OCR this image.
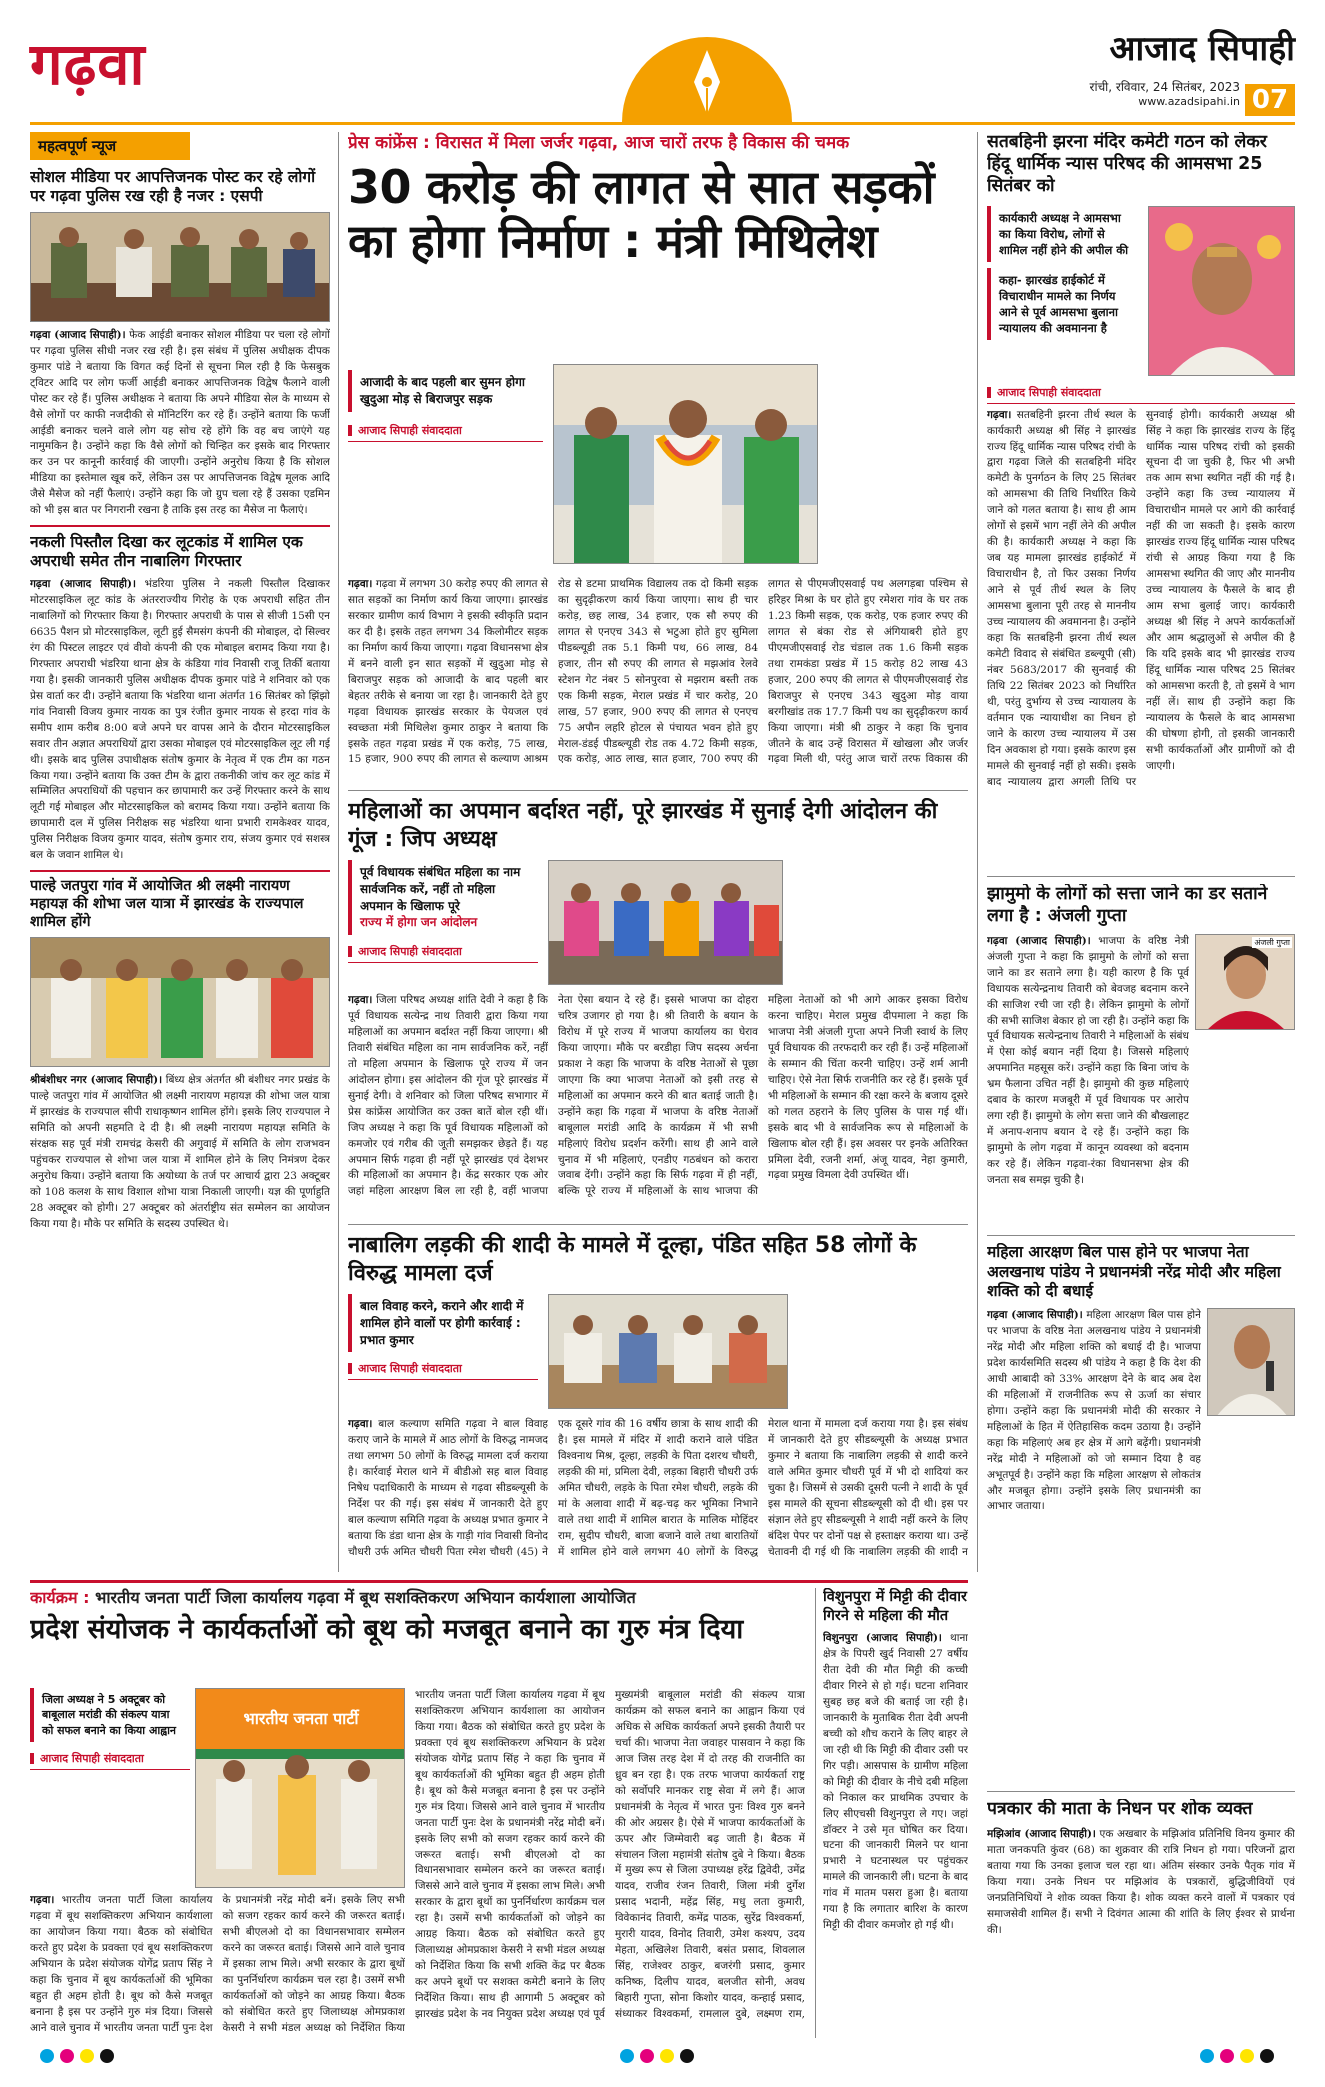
गढ़वा	आजाद सिपाही
रांची, रविवार, 24 सितंबर, 2023
www.azadsipahi.in 07
महत्वपूर्ण न्यूज
सोशल मीडिया पर आपत्तिजनक पोस्ट कर रहे लोगों पर गढ़वा पुलिस रख रही है नजर : एसपी

गढ़वा (आजाद सिपाही)। फेक आईडी बनाकर सोशल मीडिया पर चला रहे लोगों पर गढ़वा पुलिस सीधी नजर रख रही है। इस संबंध में पुलिस अधीक्षक दीपक कुमार पांडे ने बताया कि विगत कई दिनों से सूचना मिल रही है कि फेसबुक ट्विटर आदि पर लोग फर्जी आईडी बनाकर आपत्तिजनक विद्वेष फैलाने वाली पोस्ट कर रहे हैं। पुलिस अधीक्षक ने बताया कि अपने मीडिया सेल के माध्यम से वैसे लोगों पर काफी नजदीकी से मॉनिटरिंग कर रहे हैं। उन्होंने बताया कि फर्जी आईडी बनाकर चलने वाले लोग यह सोच रहे होंगे कि वह बच जाएंगे यह नामुमकिन है। उन्होंने कहा कि वैसे लोगों को चिन्हित कर इसके बाद गिरफ्तार कर उन पर कानूनी कार्रवाई की जाएगी। उन्होंने अनुरोध किया है कि सोशल मीडिया का इस्तेमाल खूब करें, लेकिन उस पर आपत्तिजनक विद्वेष मूलक आदि जैसे मैसेज को नहीं फैलाएं। उन्होंने कहा कि जो ग्रुप चला रहे हैं उसका एडमिन को भी इस बात पर निगरानी रखना है ताकि इस तरह का मैसेज ना फैलाएं।

नकली पिस्तौल दिखा कर लूटकांड में शामिल एक अपराधी समेत तीन नाबालिग गिरफ्तार

गढ़वा (आजाद सिपाही)। भंडरिया पुलिस ने नकली पिस्तौल दिखाकर मोटरसाइकिल लूट कांड के अंतरराज्यीय गिरोह के एक अपराधी सहित तीन नाबालिगों को गिरफ्तार किया है। गिरफ्तार अपराधी के पास से सीजी 15सी एन 6635 पैशन प्रो मोटरसाइकिल, लूटी हुई सैमसंग कंपनी की मोबाइल, दो सिल्वर रंग की पिस्टल लाइटर एवं वीवो कंपनी की एक मोबाइल बरामद किया गया है। गिरफ्तार अपराधी भंडरिया थाना क्षेत्र के कंडिया गांव निवासी राजू तिर्की बताया गया है। इसकी जानकारी पुलिस अधीक्षक दीपक कुमार पांडे ने शनिवार को एक प्रेस वार्ता कर दी। उन्होंने बताया कि भंडरिया थाना अंतर्गत 16 सितंबर को झिंझो गांव निवासी विजय कुमार नायक का पुत्र रंजीत कुमार नायक से हरदा गांव के समीप शाम करीब 8:00 बजे अपने घर वापस आने के दौरान मोटरसाइकिल सवार तीन अज्ञात अपराधियों द्वारा उसका मोबाइल एवं मोटरसाइकिल लूट ली गई थी। इसके बाद पुलिस उपाधीक्षक संतोष कुमार के नेतृत्व में एक टीम का गठन किया गया। उन्होंने बताया कि उक्त टीम के द्वारा तकनीकी जांच कर लूट कांड में सम्मिलित अपराधियों की पहचान कर छापामारी कर उन्हें गिरफ्तार करने के साथ लूटी गई मोबाइल और मोटरसाइकिल को बरामद किया गया। उन्होंने बताया कि छापामारी दल में पुलिस निरीक्षक सह भंडरिया थाना प्रभारी रामकेश्वर यादव, पुलिस निरीक्षक विजय कुमार यादव, संतोष कुमार राय, संजय कुमार एवं सशस्त्र बल के जवान शामिल थे।

पाल्हे जतपुरा गांव में आयोजित श्री लक्ष्मी नारायण महायज्ञ की शोभा जल यात्रा में झारखंड के राज्यपाल शामिल होंगे

श्रीबंशीधर नगर (आजाद सिपाही)। बिंध्य क्षेत्र अंतर्गत श्री बंशीधर नगर प्रखंड के पाल्हे जतपुरा गांव में आयोजित श्री लक्ष्मी नारायण महायज्ञ की शोभा जल यात्रा में झारखंड के राज्यपाल सीपी राधाकृष्णन शामिल होंगे। इसके लिए राज्यपाल ने समिति को अपनी सहमति दे दी है। श्री लक्ष्मी नारायण महायज्ञ समिति के संरक्षक सह पूर्व मंत्री रामचंद्र केसरी की अगुवाई में समिति के लोग राजभवन पहुंचकर राज्यपाल से शोभा जल यात्रा में शामिल होने के लिए निमंत्रण देकर अनुरोध किया। उन्होंने बताया कि अयोध्या के तर्ज पर आचार्य द्वारा 23 अक्टूबर को 108 कलश के साथ विशाल शोभा यात्रा निकाली जाएगी। यज्ञ की पूर्णाहुति 28 अक्टूबर को होगी। 27 अक्टूबर को अंतर्राष्ट्रीय संत सम्मेलन का आयोजन किया गया है। मौके पर समिति के सदस्य उपस्थित थे।

प्रेस कांफ्रेंस : विरासत में मिला जर्जर गढ़वा, आज चारों तरफ है विकास की चमक
30 करोड़ की लागत से सात सड़कों का होगा निर्माण : मंत्री मिथिलेश
आजादी के बाद पहली बार सुमन होगा खुदुआ मोड़ से बिराजपुर सड़क
आजाद सिपाही संवाददाता

गढ़वा। गढ़वा में लगभग 30 करोड़ रुपए की लागत से सात सड़कों का निर्माण कार्य किया जाएगा। झारखंड सरकार ग्रामीण कार्य विभाग ने इसकी स्वीकृति प्रदान कर दी है। इसके तहत लगभग 34 किलोमीटर सड़क का निर्माण कार्य किया जाएगा। गढ़वा विधानसभा क्षेत्र में बनने वाली इन सात सड़कों में खुदुआ मोड़ से बिराजपुर सड़क को आजादी के बाद पहली बार बेहतर तरीके से बनाया जा रहा है। जानकारी देते हुए गढ़वा विधायक झारखंड सरकार के पेयजल एवं स्वच्छता मंत्री मिथिलेश कुमार ठाकुर ने बताया कि इसके तहत गढ़वा प्रखंड में एक करोड़, 75 लाख, 15 हजार, 900 रुपए की लागत से कल्याण आश्रम रोड से डटमा प्राथमिक विद्यालय तक दो किमी सड़क का सुदृढ़ीकरण कार्य किया जाएगा। साथ ही चार करोड़, छह लाख, 34 हजार, एक सौ रुपए की लागत से एनएच 343 से भटुआ होते हुए सुमिला पीडब्ल्यूडी तक 5.1 किमी पथ, 66 लाख, 84 हजार, तीन सौ रुपए की लागत से मझआंव रेलवे स्टेशन गेट नंबर 5 सोनपुरवा से मझराम बस्ती तक एक किमी सड़क, मेराल प्रखंड में चार करोड़, 20 लाख, 57 हजार, 900 रुपए की लागत से एनएच 75 अपौन लहरि होटल से पंचायत भवन होते हुए मेराल-डंडई पीडब्ल्यूडी रोड तक 4.72 किमी सड़क, एक करोड़, आठ लाख, सात हजार, 700 रुपए की लागत से पीएमजीएसवाई पथ अलगड़बा पश्चिम से हरिहर मिश्रा के घर होते हुए रमेशरा गांव के घर तक 1.23 किमी सड़क, एक करोड़, एक हजार रुपए की लागत से बंका रोड से अंगियाबरी होते हुए पीएमजीएसवाई रोड चंडाल तक 1.6 किमी सड़क तथा रामकंडा प्रखंड में 15 करोड़ 82 लाख 43 हजार, 200 रुपए की लागत से पीएमजीएसवाई रोड बिराजपुर से एनएच 343 खुदुआ मोड़ वाया बरगीखांड तक 17.7 किमी पथ का सुदृढ़ीकरण कार्य किया जाएगा। मंत्री श्री ठाकुर ने कहा कि चुनाव जीतने के बाद उन्हें विरासत में खोखला और जर्जर गढ़वा मिली थी, परंतु आज चारों तरफ विकास की

महिलाओं का अपमान बर्दाश्त नहीं, पूरे झारखंड में सुनाई देगी आंदोलन की गूंज : जिप अध्यक्ष
पूर्व विधायक संबंधित महिला का नाम सार्वजनिक करें, नहीं तो महिला अपमान के खिलाफ पूरे
राज्य में होगा जन आंदोलन
आजाद सिपाही संवाददाता

गढ़वा। जिला परिषद अध्यक्ष शांति देवी ने कहा है कि पूर्व विधायक सत्येन्द्र नाथ तिवारी द्वारा किया गया महिलाओं का अपमान बर्दाश्त नहीं किया जाएगा। श्री तिवारी संबंधित महिला का नाम सार्वजनिक करें, नहीं तो महिला अपमान के खिलाफ पूरे राज्य में जन आंदोलन होगा। इस आंदोलन की गूंज पूरे झारखंड में सुनाई देगी। वे शनिवार को जिला परिषद सभागार में प्रेस कांफ्रेंस आयोजित कर उक्त बातें बोल रही थीं। जिप अध्यक्ष ने कहा कि पूर्व विधायक महिलाओं को कमजोर एवं गरीब की जूती समझकर छेड़ते हैं। यह अपमान सिर्फ गढ़वा ही नहीं पूरे झारखंड एवं देशभर की महिलाओं का अपमान है। केंद्र सरकार एक ओर जहां महिला आरक्षण बिल ला रही है, वहीं भाजपा नेता ऐसा बयान दे रहे हैं। इससे भाजपा का दोहरा चरित्र उजागर हो गया है। श्री तिवारी के बयान के विरोध में पूरे राज्य में भाजपा कार्यालय का घेराव किया जाएगा। मौके पर बरडीहा जिप सदस्य अर्चना प्रकाश ने कहा कि भाजपा के वरिष्ठ नेताओं से पूछा जाएगा कि क्या भाजपा नेताओं को इसी तरह से महिलाओं का अपमान करने की बात बताई जाती है। उन्होंने कहा कि गढ़वा में भाजपा के वरिष्ठ नेताओं बाबूलाल मरांडी आदि के कार्यक्रम में भी सभी महिलाएं विरोध प्रदर्शन करेंगी। साथ ही आने वाले चुनाव में भी महिलाएं, एनडीए गठबंधन को करारा जवाब देंगी। उन्होंने कहा कि सिर्फ गढ़वा में ही नहीं, बल्कि पूरे राज्य में महिलाओं के साथ भाजपा की महिला नेताओं को भी आगे आकर इसका विरोध करना चाहिए। मेराल प्रमुख दीपमाला ने कहा कि भाजपा नेत्री अंजली गुप्ता अपने निजी स्वार्थ के लिए पूर्व विधायक की तरफदारी कर रही हैं। उन्हें महिलाओं के सम्मान की चिंता करनी चाहिए। उन्हें शर्म आनी चाहिए। ऐसे नेता सिर्फ राजनीति कर रहे हैं। इसके पूर्व भी महिलाओं के सम्मान की रक्षा करने के बजाय दूसरे को गलत ठहराने के लिए पुलिस के पास गई थीं। इसके बाद भी वे सार्वजनिक रूप से महिलाओं के खिलाफ बोल रही हैं। इस अवसर पर इनके अतिरिक्त प्रमिला देवी, रजनी शर्मा, अंजू यादव, नेहा कुमारी, गढ़वा प्रमुख विमला देवी उपस्थित थीं।

नाबालिग लड़की की शादी के मामले में दूल्हा, पंडित सहित 58 लोगों के विरुद्ध मामला दर्ज
बाल विवाह करने, कराने और शादी में शामिल होने वालों पर होगी कार्रवाई : प्रभात कुमार
आजाद सिपाही संवाददाता

गढ़वा। बाल कल्याण समिति गढ़वा ने बाल विवाह कराए जाने के मामले में आठ लोगों के विरुद्ध नामजद तथा लगभग 50 लोगों के विरुद्ध मामला दर्ज कराया है। कार्रवाई मेराल थाने में बीडीओ सह बाल विवाह निषेध पदाधिकारी के माध्यम से गढ़वा सीडब्ल्यूसी के निर्देश पर की गई। इस संबंध में जानकारी देते हुए बाल कल्याण समिति गढ़वा के अध्यक्ष प्रभात कुमार ने बताया कि डंडा थाना क्षेत्र के गाड़ी गांव निवासी विनोद चौधरी उर्फ अमित चौधरी पिता रमेश चौधरी (45) ने एक दूसरे गांव की 16 वर्षीय छात्रा के साथ शादी की है। इस मामले में मंदिर में शादी कराने वाले पंडित विश्वनाथ मिश्र, दूल्हा, लड़की के पिता दशरथ चौधरी, लड़की की मां, प्रमिला देवी, लड़का बिहारी चौधरी उर्फ अमित चौधरी, लड़के के पिता रमेश चौधरी, लड़के की मां के अलावा शादी में बढ़-चढ़ कर भूमिका निभाने वाले तथा शादी में शामिल बारात के मालिक मोहिंदर राम, सुदीप चौधरी, बाजा बजाने वाले तथा बारातियों में शामिल होने वाले लगभग 40 लोगों के विरुद्ध मेराल थाना में मामला दर्ज कराया गया है। इस संबंध में जानकारी देते हुए सीडब्ल्यूसी के अध्यक्ष प्रभात कुमार ने बताया कि नाबालिग लड़की से शादी करने वाले अमित कुमार चौधरी पूर्व में भी दो शादियां कर चुका है। जिसमें से उसकी दूसरी पत्नी ने शादी के पूर्व इस मामले की सूचना सीडब्ल्यूसी को दी थी। इस पर संज्ञान लेते हुए सीडब्ल्यूसी ने शादी नहीं करने के लिए बंदिश पेपर पर दोनों पक्ष से हस्ताक्षर कराया था। उन्हें चेतावनी दी गई थी कि नाबालिग लड़की की शादी न

सतबहिनी झरना मंदिर कमेटी गठन को लेकर हिंदू धार्मिक न्यास परिषद की आमसभा 25 सितंबर को
कार्यकारी अध्यक्ष ने आमसभा का किया विरोध, लोगों से शामिल नहीं होने की अपील की
कहा- झारखंड हाईकोर्ट में विचाराधीन मामले का निर्णय आने से पूर्व आमसभा बुलाना न्यायालय की अवमानना है
आजाद सिपाही संवाददाता

गढ़वा। सतबहिनी झरना तीर्थ स्थल के कार्यकारी अध्यक्ष श्री सिंह ने झारखंड राज्य हिंदू धार्मिक न्यास परिषद रांची के द्वारा गढ़वा जिले की सतबहिनी मंदिर कमेटी के पुनर्गठन के लिए 25 सितंबर को आमसभा की तिथि निर्धारित किये जाने को गलत बताया है। साथ ही आम लोगों से इसमें भाग नहीं लेने की अपील की है। कार्यकारी अध्यक्ष ने कहा कि जब यह मामला झारखंड हाईकोर्ट में विचाराधीन है, तो फिर उसका निर्णय आने से पूर्व तीर्थ स्थल के लिए आमसभा बुलाना पूरी तरह से माननीय उच्च न्यायालय की अवमानना है। उन्होंने कहा कि सतबहिनी झरना तीर्थ स्थल कमेटी विवाद से संबंधित डब्ल्यूपी (सी) नंबर 5683/2017 की सुनवाई की तिथि 22 सितंबर 2023 को निर्धारित थी, परंतु दुर्भाग्य से उच्च न्यायालय के वर्तमान एक न्यायाधीश का निधन हो जाने के कारण उच्च न्यायालय में उस दिन अवकाश हो गया। इसके कारण इस मामले की सुनवाई नहीं हो सकी। इसके बाद न्यायालय द्वारा अगली तिथि पर सुनवाई होगी। कार्यकारी अध्यक्ष श्री सिंह ने कहा कि झारखंड राज्य के हिंदू धार्मिक न्यास परिषद रांची को इसकी सूचना दी जा चुकी है, फिर भी अभी तक आम सभा स्थगित नहीं की गई है। उन्होंने कहा कि उच्च न्यायालय में विचाराधीन मामले पर आगे की कार्रवाई नहीं की जा सकती है। इसके कारण झारखंड राज्य हिंदू धार्मिक न्यास परिषद रांची से आग्रह किया गया है कि आमसभा स्थगित की जाए और माननीय उच्च न्यायालय के फैसले के बाद ही आम सभा बुलाई जाए। कार्यकारी अध्यक्ष श्री सिंह ने अपने कार्यकर्ताओं और आम श्रद्धालुओं से अपील की है कि यदि इसके बाद भी झारखंड राज्य हिंदू धार्मिक न्यास परिषद 25 सितंबर को आमसभा करती है, तो इसमें वे भाग नहीं लें। साथ ही उन्होंने कहा कि न्यायालय के फैसले के बाद आमसभा की घोषणा होगी, तो इसकी जानकारी सभी कार्यकर्ताओं और ग्रामीणों को दी जाएगी।

झामुमो के लोगों को सत्ता जाने का डर सताने लगा है : अंजली गुप्ता
अंजली गुप्ता

गढ़वा (आजाद सिपाही)। भाजपा के वरिष्ठ नेत्री अंजली गुप्ता ने कहा कि झामुमो के लोगों को सत्ता जाने का डर सताने लगा है। यही कारण है कि पूर्व विधायक सत्येन्द्रनाथ तिवारी को बेवजह बदनाम करने की साजिश रची जा रही है। लेकिन झामुमो के लोगों की सभी साजिश बेकार हो जा रही है। उन्होंने कहा कि पूर्व विधायक सत्येन्द्रनाथ तिवारी ने महिलाओं के संबंध में ऐसा कोई बयान नहीं दिया है। जिससे महिलाएं अपमानित महसूस करें। उन्होंने कहा कि बिना जांच के भ्रम फैलाना उचित नहीं है। झामुमो की कुछ महिलाएं दबाव के कारण मजबूरी में पूर्व विधायक पर आरोप लगा रही हैं। झामुमो के लोग सत्ता जाने की बौखलाहट में अनाप-शनाप बयान दे रहे हैं। उन्होंने कहा कि झामुमो के लोग गढ़वा में कानून व्यवस्था को बदनाम कर रहे हैं। लेकिन गढ़वा-रंका विधानसभा क्षेत्र की जनता सब समझ चुकी है।

महिला आरक्षण बिल पास होने पर भाजपा नेता अलखनाथ पांडेय ने प्रधानमंत्री नरेंद्र मोदी और महिला शक्ति को दी बधाई

गढ़वा (आजाद सिपाही)। महिला आरक्षण बिल पास होने पर भाजपा के वरिष्ठ नेता अलखनाथ पांडेय ने प्रधानमंत्री नरेंद्र मोदी और महिला शक्ति को बधाई दी है। भाजपा प्रदेश कार्यसमिति सदस्य श्री पांडेय ने कहा है कि देश की आधी आबादी को 33% आरक्षण देने के बाद अब देश की महिलाओं में राजनीतिक रूप से ऊर्जा का संचार होगा। उन्होंने कहा कि प्रधानमंत्री मोदी की सरकार ने महिलाओं के हित में ऐतिहासिक कदम उठाया है। उन्होंने कहा कि महिलाएं अब हर क्षेत्र में आगे बढ़ेंगी। प्रधानमंत्री नरेंद्र मोदी ने महिलाओं को जो सम्मान दिया है वह अभूतपूर्व है। उन्होंने कहा कि महिला आरक्षण से लोकतंत्र और मजबूत होगा। उन्होंने इसके लिए प्रधानमंत्री का आभार जताया।

पत्रकार की माता के निधन पर शोक व्यक्त

मझिआंव (आजाद सिपाही)। एक अखबार के मझिआंव प्रतिनिधि विनय कुमार की माता जनकपति कुंवर (68) का शुक्रवार की रात्रि निधन हो गया। परिजनों द्वारा बताया गया कि उनका इलाज चल रहा था। अंतिम संस्कार उनके पैतृक गांव में किया गया। उनके निधन पर मझिआंव के पत्रकारों, बुद्धिजीवियों एवं जनप्रतिनिधियों ने शोक व्यक्त किया है। शोक व्यक्त करने वालों में पत्रकार एवं समाजसेवी शामिल हैं। सभी ने दिवंगत आत्मा की शांति के लिए ईश्वर से प्रार्थना की।

कार्यक्रम : भारतीय जनता पार्टी जिला कार्यालय गढ़वा में बूथ सशक्तिकरण अभियान कार्यशाला आयोजित
प्रदेश संयोजक ने कार्यकर्ताओं को बूथ को मजबूत बनाने का गुरु मंत्र दिया
जिला अध्यक्ष ने 5 अक्टूबर को बाबूलाल मरांडी की संकल्प यात्रा को सफल बनाने का किया आह्वान
आजाद सिपाही संवाददाता
भारतीय जनता पार्टी

गढ़वा। भारतीय जनता पार्टी जिला कार्यालय गढ़वा में बूथ सशक्तिकरण अभियान कार्यशाला का आयोजन किया गया। बैठक को संबोधित करते हुए प्रदेश के प्रवक्ता एवं बूथ सशक्तिकरण अभियान के प्रदेश संयोजक योगेंद्र प्रताप सिंह ने कहा कि चुनाव में बूथ कार्यकर्ताओं की भूमिका बहुत ही अहम होती है। बूथ को कैसे मजबूत बनाना है इस पर उन्होंने गुरु मंत्र दिया। जिससे आने वाले चुनाव में भारतीय जनता पार्टी पुनः देश के प्रधानमंत्री नरेंद्र मोदी बनें। इसके लिए सभी को सजग रहकर कार्य करने की जरूरत बताई। सभी बीएलओ दो का विधानसभावार सम्मेलन करने का जरूरत बताई। जिससे आने वाले चुनाव में इसका लाभ मिले। अभी सरकार के द्वारा बूथों का पुनर्निर्धारण कार्यक्रम चल रहा है। उसमें सभी कार्यकर्ताओं को जोड़ने का आग्रह किया। बैठक को संबोधित करते हुए जिलाध्यक्ष ओमप्रकाश केसरी ने सभी मंडल अध्यक्ष को निर्देशित किया

भारतीय जनता पार्टी जिला कार्यालय गढ़वा में बूथ सशक्तिकरण अभियान कार्यशाला का आयोजन किया गया। बैठक को संबोधित करते हुए प्रदेश के प्रवक्ता एवं बूथ सशक्तिकरण अभियान के प्रदेश संयोजक योगेंद्र प्रताप सिंह ने कहा कि चुनाव में बूथ कार्यकर्ताओं की भूमिका बहुत ही अहम होती है। बूथ को कैसे मजबूत बनाना है इस पर उन्होंने गुरु मंत्र दिया। जिससे आने वाले चुनाव में भारतीय जनता पार्टी पुनः देश के प्रधानमंत्री नरेंद्र मोदी बनें। इसके लिए सभी को सजग रहकर कार्य करने की जरूरत बताई। सभी बीएलओ दो का विधानसभावार सम्मेलन करने का जरूरत बताई। जिससे आने वाले चुनाव में इसका लाभ मिले। अभी सरकार के द्वारा बूथों का पुनर्निर्धारण कार्यक्रम चल रहा है। उसमें सभी कार्यकर्ताओं को जोड़ने का आग्रह किया। बैठक को संबोधित करते हुए जिलाध्यक्ष ओमप्रकाश केसरी ने सभी मंडल अध्यक्ष को निर्देशित किया कि सभी शक्ति केंद्र पर बैठक कर अपने बूथों पर सशक्त कमेटी बनाने के लिए निर्देशित किया। साथ ही आगामी 5 अक्टूबर को झारखंड प्रदेश के नव नियुक्त प्रदेश अध्यक्ष एवं पूर्व मुख्यमंत्री बाबूलाल मरांडी की संकल्प यात्रा कार्यक्रम को सफल बनाने का आह्वान किया एवं अधिक से अधिक कार्यकर्ता अपने इसकी तैयारी पर चर्चा की। भाजपा नेता जवाहर पासवान ने कहा कि आज जिस तरह देश में दो तरह की राजनीति का ध्रुव बन रहा है। एक तरफ भाजपा कार्यकर्ता राष्ट्र को सर्वोपरि मानकर राष्ट्र सेवा में लगे हैं। आज प्रधानमंत्री के नेतृत्व में भारत पुनः विश्व गुरु बनने की ओर अग्रसर है। ऐसे में भाजपा कार्यकर्ताओं के ऊपर और जिम्मेवारी बढ़ जाती है। बैठक में संचालन जिला महामंत्री संतोष दुबे ने किया। बैठक में मुख्य रूप से जिला उपाध्यक्ष हरेंद्र द्विवेदी, उमेंद्र यादव, राजीव रंजन तिवारी, जिला मंत्री दुर्गेश प्रसाद भदानी, महेंद्र सिंह, मधु लता कुमारी, विवेकानंद तिवारी, कमेंद्र पाठक, सुरेंद्र विश्वकर्मा, मुरारी यादव, विनोद तिवारी, उमेश कश्यप, उदय मेहता, अखिलेश तिवारी, बसंत प्रसाद, शिवलाल सिंह, राजेश्वर ठाकुर, बजरंगी प्रसाद, कुमार कनिष्क, दिलीप यादव, बलजीत सोनी, अवध बिहारी गुप्ता, सोना किशोर यादव, कन्हाई प्रसाद, संध्याकर विश्वकर्मा, रामलाल दुबे, लक्ष्मण राम,

विशुनपुरा में मिट्टी की दीवार गिरने से महिला की मौत

विशुनपुरा (आजाद सिपाही)। थाना क्षेत्र के पिपरी खुर्द निवासी 27 वर्षीय रीता देवी की मौत मिट्टी की कच्ची दीवार गिरने से हो गई। घटना शनिवार सुबह छह बजे की बताई जा रही है। जानकारी के मुताबिक रीता देवी अपनी बच्ची को शौच कराने के लिए बाहर ले जा रही थी कि मिट्टी की दीवार उसी पर गिर पड़ी। आसपास के ग्रामीण महिला को मिट्टी की दीवार के नीचे दबी महिला को निकाल कर प्राथमिक उपचार के लिए सीएचसी विशुनपुरा ले गए। जहां डॉक्टर ने उसे मृत घोषित कर दिया। घटना की जानकारी मिलने पर थाना प्रभारी ने घटनास्थल पर पहुंचकर मामले की जानकारी ली। घटना के बाद गांव में मातम पसरा हुआ है। बताया गया है कि लगातार बारिश के कारण मिट्टी की दीवार कमजोर हो गई थी।
